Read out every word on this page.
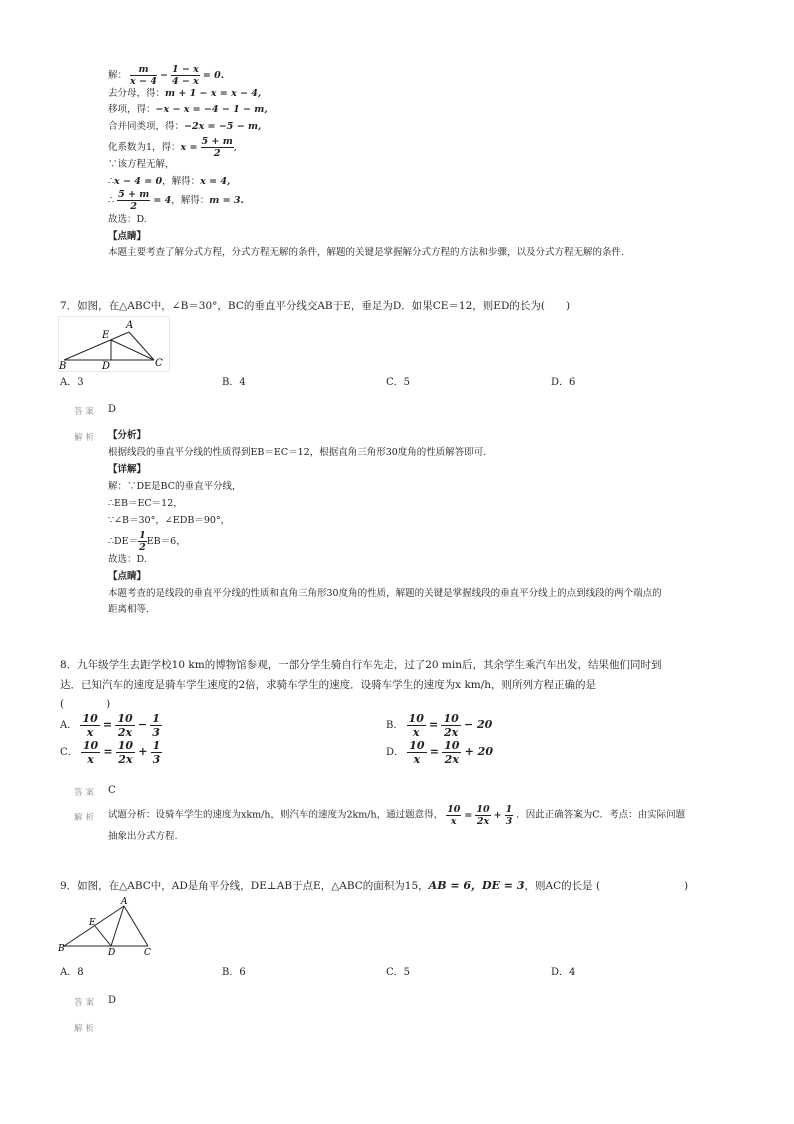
解： $\frac{m}{x - 4} - \frac{1 - x}{4 - x} = 0$.
去分母，得：m + 1 − x = x − 4,
移项，得：−x − x = −4 − 1 − m,
合并同类项，得：−2x = −5 − m,
化系数为1，得：$x = \frac{5 + m}{2}$ ,
∵该方程无解，
∴x − 4 = 0，解得：x = 4,
∴ $\frac{5 + m}{2} = 4$，解得：m = 3.
故选：D.
【点睛】
本题主要考查了解分式方程，分式方程无解的条件，解题的关键是掌握解分式方程的方法和步骤，以及分式方程无解的条件.
7．如图，在△ABC中，∠B＝30°，BC的垂直平分线交AB于E，垂足为D．如果CE＝12，则ED的长为(　　)
A
B	C
D
E
A．3	B．4	C．5	D．6
答案 D
解析 【分析】
根据线段的垂直平分线的性质得到EB＝EC＝12，根据直角三角形30度角的性质解答即可.
【详解】
解：∵DE是BC的垂直平分线，
∴EB＝EC＝12，
∵∠B＝30°，∠EDB＝90°，
∴DE＝ $\frac{1}{2} EB=6$，
故选：D.
【点睛】
本题考查的是线段的垂直平分线的性质和直角三角形30度角的性质，解题的关键是掌握线段的垂直平分线上的点到线段的两个端点的
距离相等.
8．九年级学生去距学校10 km的博物馆参观，一部分学生骑自行车先走，过了20 min后，其余学生乘汽车出发，结果他们同时到
达．已知汽车的速度是骑车学生速度的2倍，求骑车学生的速度．设骑车学生的速度为x km/h，则所列方程正确的是
(　　　　)
A． $\frac{10}{x} = \frac{10}{2x} - \frac{1}{3}$	B． $\frac{10}{x} = \frac{10}{2x} - 20$
C． $\frac{10}{x} = \frac{10}{2x} + \frac{1}{3}$	D． $\frac{10}{x} = \frac{10}{2x} + 20$
答案 C
解析 试题分析：设骑车学生的速度为xkm/h，则汽车的速度为2km/h，通过题意得， $\frac{10}{x} = \frac{10}{2x} + \frac{1}{3}$ ．因此正确答案为C．考点：由实际问题
抽象出分式方程.
9．如图，在△ABC中，AD是角平分线，DE⊥AB于点E，△ABC的面积为15，AB = 6，DE = 3，则AC的长是 (　　　　　　　　)
A
B	C
D
E
A．8	B．6	C．5	D．4
答案 D
解析
